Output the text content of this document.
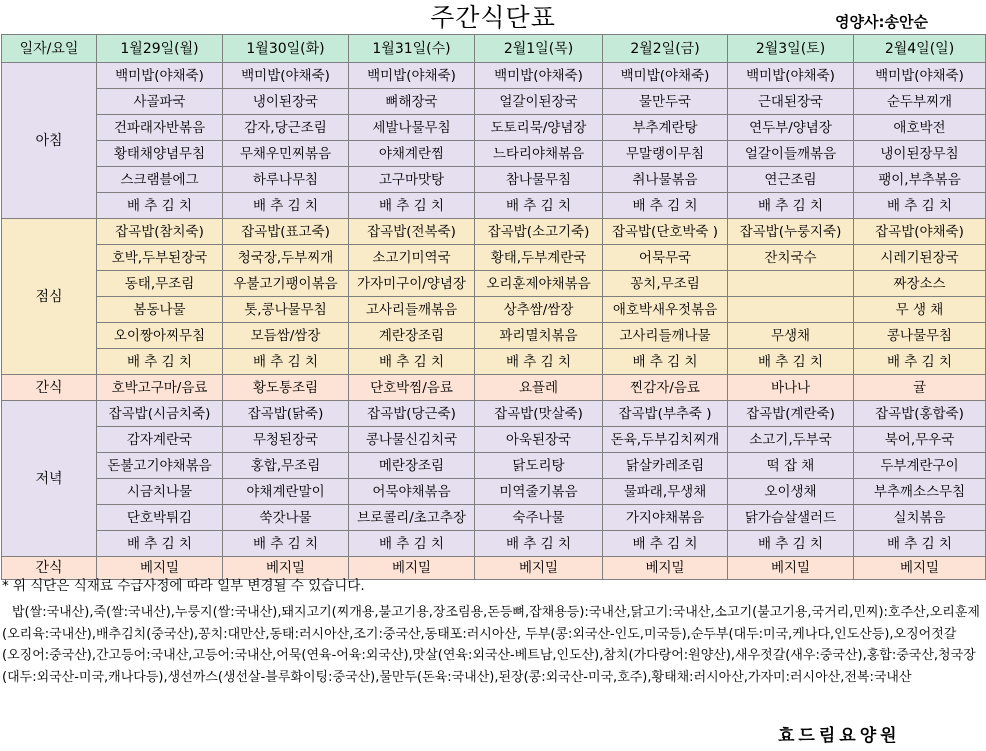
주간식단표	영양사:송안순
일자/요일	1월29일(월)	1월30일(화)	1월31일(수)	2월1일(목)	2월2일(금)	2월3일(토)	2월4일(일)
아침	백미밥(야채죽)	백미밥(야채죽)	백미밥(야채죽)	백미밥(야채죽)	백미밥(야채죽)	백미밥(야채죽)	백미밥(야채죽)
	사골파국	냉이된장국	뼈해장국	얼갈이된장국	물만두국	근대된장국	순두부찌개
	건파래자반볶음	감자,당근조림	세발나물무침	도토리묵/양념장	부추계란탕	연두부/양념장	애호박전
	황태채양념무침	무채우민찌볶음	야채계란찜	느타리야채볶음	무말랭이무침	얼갈이들깨볶음	냉이된장무침
	스크램블에그	하루나무침	고구마맛탕	참나물무침	취나물볶음	연근조림	팽이,부추볶음
	배 추 김 치	배 추 김 치	배 추 김 치	배 추 김 치	배 추 김 치	배 추 김 치	배 추 김 치
점심	잡곡밥(참치죽)	잡곡밥(표고죽)	잡곡밥(전복죽)	잡곡밥(소고기죽)	잡곡밥(단호박죽 )	잡곡밥(누룽지죽)	잡곡밥(야채죽)
	호박,두부된장국	청국장,두부찌개	소고기미역국	황태,두부계란국	어묵무국	잔치국수	시레기된장국
	동태,무조림	우불고기팽이볶음	가자미구이/양념장	오리훈제야채볶음	꽁치,무조림		짜장소스
	봄동나물	톳,콩나물무침	고사리들깨볶음	상추쌈/쌈장	애호박새우젓볶음		무 생 채
	오이짱아찌무침	모듬쌈/쌈장	계란장조림	꽈리멸치볶음	고사리들깨나물	무생채	콩나물무침
	배 추 김 치	배 추 김 치	배 추 김 치	배 추 김 치	배 추 김 치	배 추 김 치	배 추 김 치
간식	호박고구마/음료	황도통조림	단호박찜/음료	요플레	찐감자/음료	바나나	귤
저녁	잡곡밥(시금치죽)	잡곡밥(닭죽)	잡곡밥(당근죽)	잡곡밥(맛살죽)	잡곡밥(부추죽 )	잡곡밥(계란죽)	잡곡밥(홍합죽)
	감자계란국	무청된장국	콩나물신김치국	아욱된장국	돈육,두부김치찌개	소고기,두부국	북어,무우국
	돈불고기야채볶음	홍합,무조림	메란장조림	닭도리탕	닭살카레조림	떡 잡 채	두부계란구이
	시금치나물	야채계란말이	어묵야채볶음	미역줄기볶음	물파래,무생채	오이생채	부추깨소스무침
	단호박튀김	쑥갓나물	브로콜리/초고추장	숙주나물	가지야채볶음	닭가슴살샐러드	실치볶음
	배 추 김 치	배 추 김 치	배 추 김 치	배 추 김 치	배 추 김 치	배 추 김 치	배 추 김 치
간식	베지밀	베지밀	베지밀	베지밀	베지밀	베지밀	베지밀
* 위 식단은 식재료 수급사정에 따라 일부 변경될 수 있습니다.
밥(쌀:국내산),죽(쌀:국내산),누룽지(쌀:국내산),돼지고기(찌개용,불고기용,장조림용,돈등뼈,잡채용등):국내산,닭고기:국내산,소고기(불고기용,국거리,민찌):호주산,오리훈제(오리육:국내산),배추김치(중국산),꽁치:대만산,동태:러시아산,조기:중국산,동태포:러시아산, 두부(콩:외국산-인도,미국등),순두부(대두:미국,케나다,인도산등),오징어젓갈(오징어:중국산),간고등어:국내산,고등어:국내산,어묵(연육-어육:외국산),맛살(연육:외국산-베트남,인도산),참치(가다랑어:원양산),새우젓갈(새우:중국산),홍합:중국산,청국장(대두:외국산-미국,캐나다등),생선까스(생선살-블루화이팅:중국산),물만두(돈육:국내산),된장(콩:외국산-미국,호주),황태채:러시아산,가자미:러시아산,전복:국내산
효드림요양원
